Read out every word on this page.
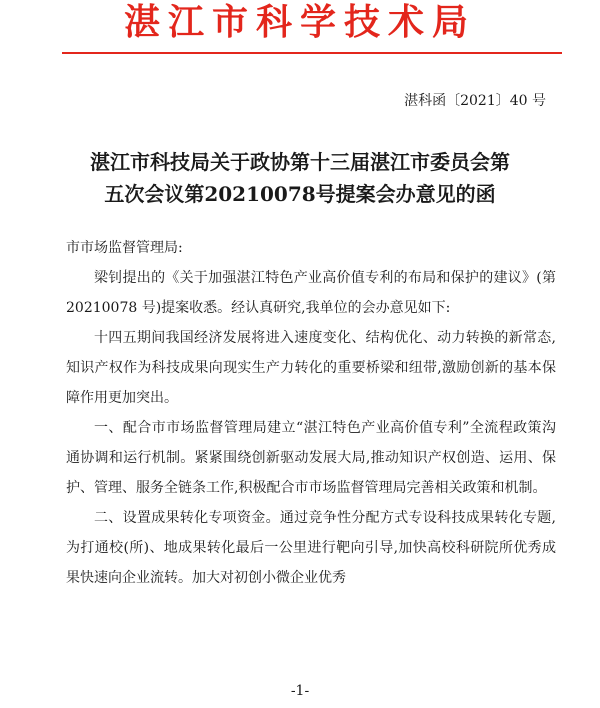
湛江市科学技术局
湛科函〔2021〕40 号
湛江市科技局关于政协第十三届湛江市委员会第
五次会议第20210078号提案会办意见的函

市市场监督管理局:

梁钊提出的《关于加强湛江特色产业高价值专利的布局和保护的建议》(第 20210078 号)提案收悉。经认真研究,我单位的会办意见如下:

十四五期间我国经济发展将进入速度变化、结构优化、动力转换的新常态,知识产权作为科技成果向现实生产力转化的重要桥梁和纽带,激励创新的基本保障作用更加突出。

一、配合市市场监督管理局建立“湛江特色产业高价值专利”全流程政策沟通协调和运行机制。紧紧围绕创新驱动发展大局,推动知识产权创造、运用、保护、管理、服务全链条工作,积极配合市市场监督管理局完善相关政策和机制。

二、设置成果转化专项资金。通过竞争性分配方式专设科技成果转化专题,为打通校(所)、地成果转化最后一公里进行靶向引导,加快高校科研院所优秀成果快速向企业流转。加大对初创小微企业优秀

-1-
